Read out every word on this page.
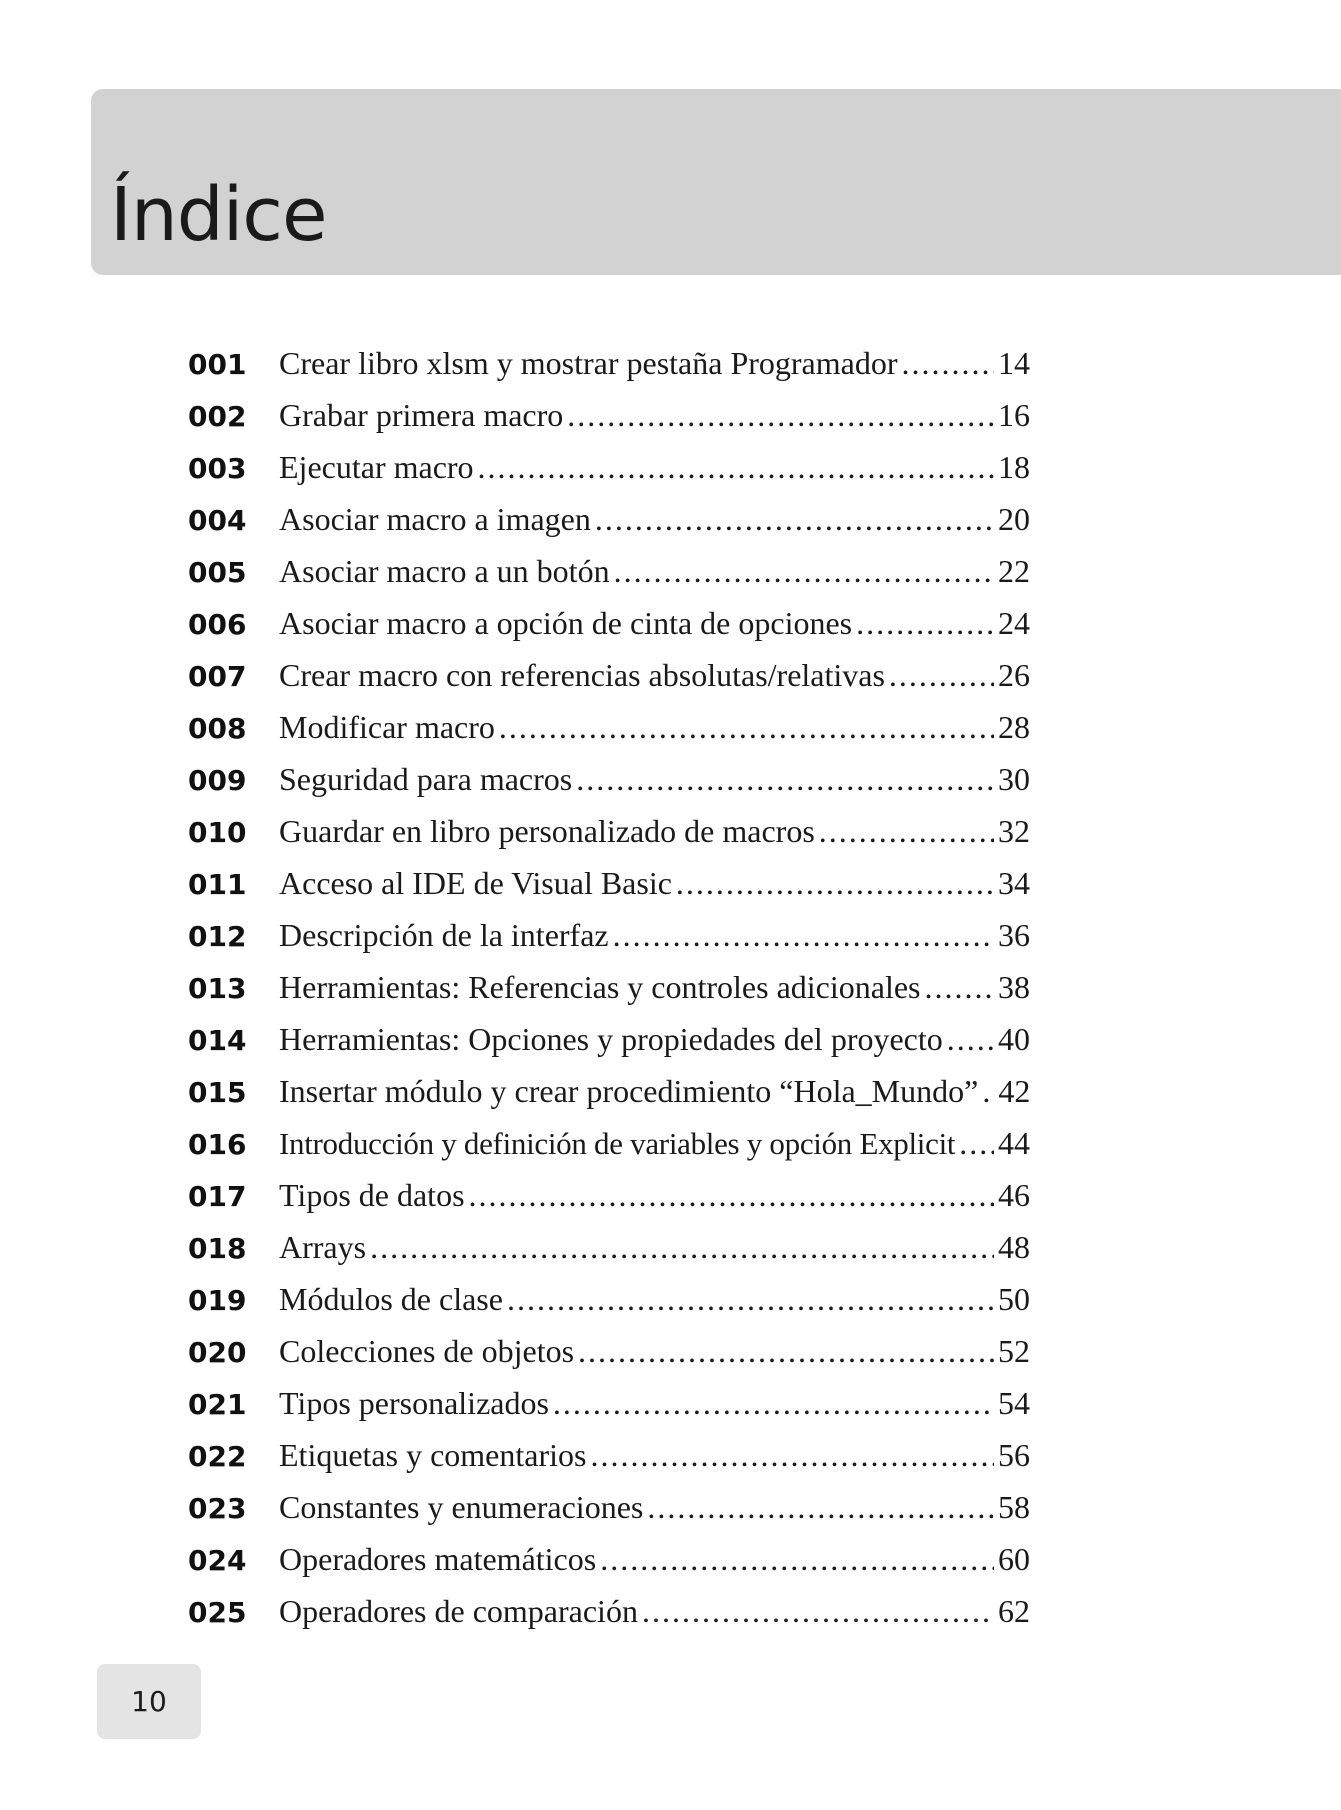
Índice
001	Crear libro xlsm y mostrar pestaña Programador .....	14
002	Grabar primera macro .....	16
003	Ejecutar macro .....	18
004	Asociar macro a imagen .....	20
005	Asociar macro a un botón .....	22
006	Asociar macro a opción de cinta de opciones .....	24
007	Crear macro con referencias absolutas/relativas .....	26
008	Modificar macro .....	28
009	Seguridad para macros .....	30
010	Guardar en libro personalizado de macros .....	32
011	Acceso al IDE de Visual Basic .....	34
012	Descripción de la interfaz .....	36
013	Herramientas: Referencias y controles adicionales ..... 38
014	Herramientas: Opciones y propiedades del proyecto ..... 40
015	Insertar módulo y crear procedimiento “Hola_Mundo” ..... 42
016	Introducción y definición de variables y opción Explicit ..... 44
017	Tipos de datos .....	46
018	Arrays .....	48
019	Módulos de clase .....	50
020	Colecciones de objetos .....	52
021	Tipos personalizados .....	54
022	Etiquetas y comentarios .....	56
023	Constantes y enumeraciones .....	58
024	Operadores matemáticos .....	60
025	Operadores de comparación .....	62
10
